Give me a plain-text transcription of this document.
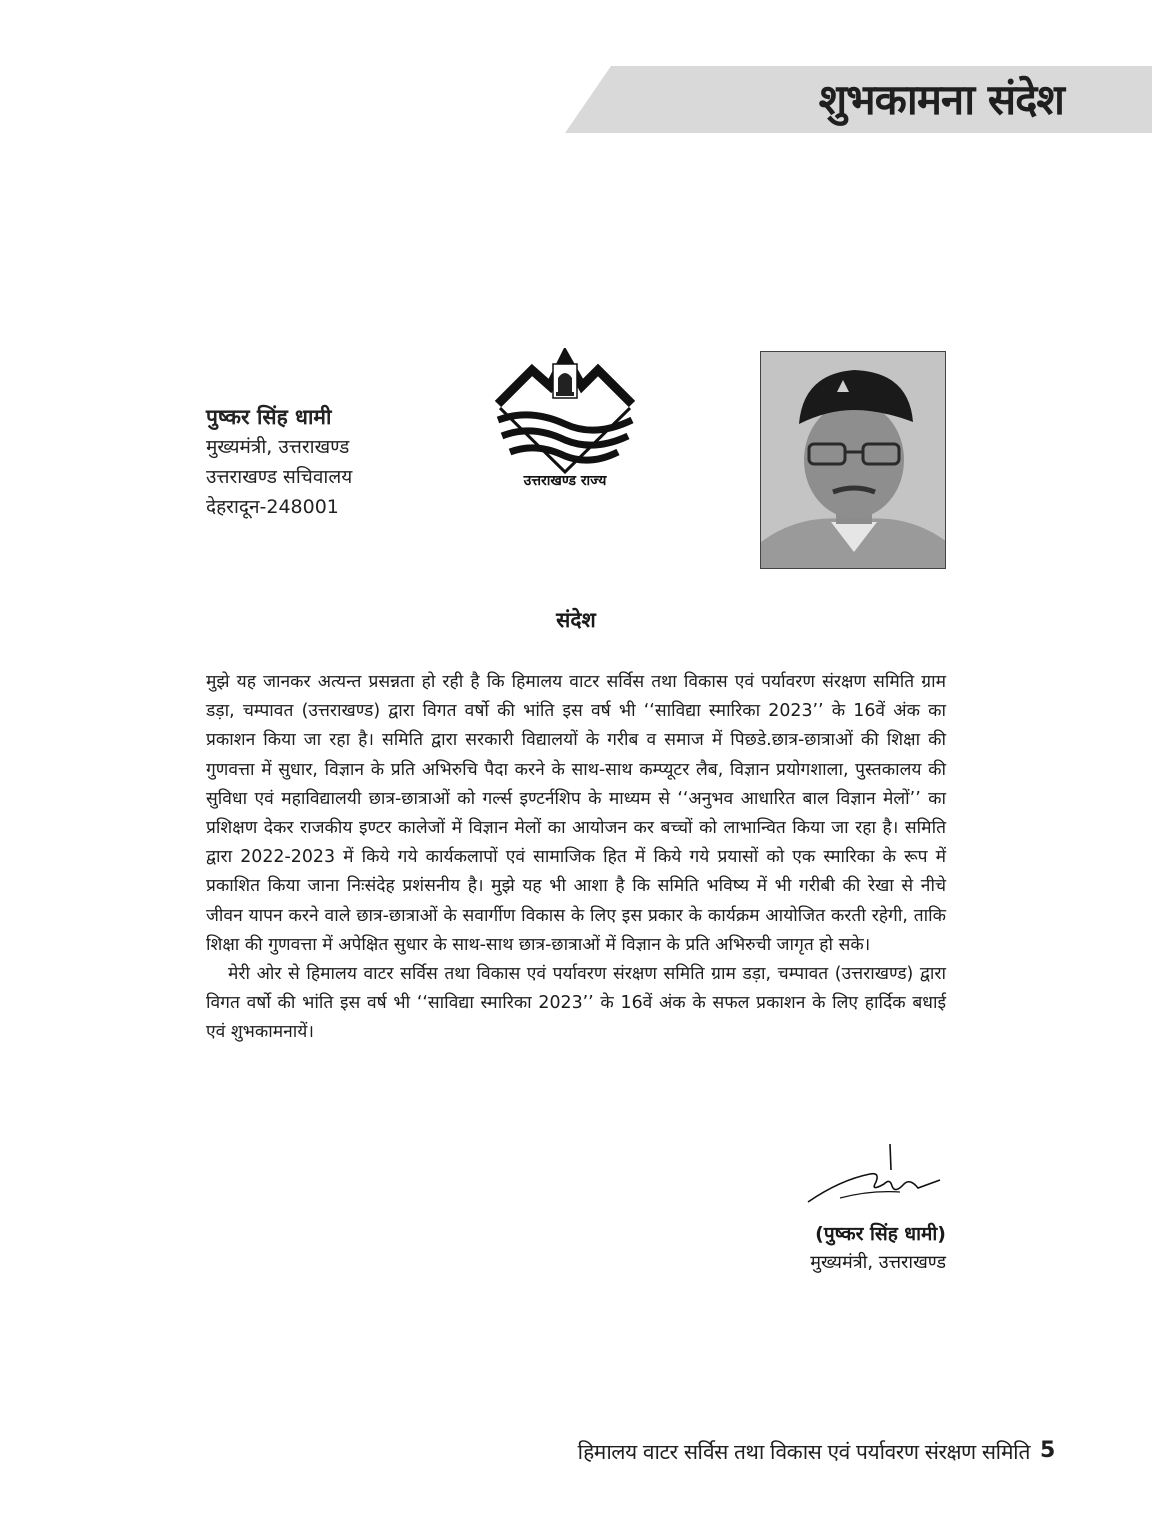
शुभकामना संदेश
पुष्कर सिंह धामी
मुख्यमंत्री, उत्तराखण्ड
उत्तराखण्ड सचिवालय
देहरादून-248001
उत्तराखण्ड राज्य
संदेश

मुझे यह जानकर अत्यन्त प्रसन्नता हो रही है कि हिमालय वाटर सर्विस तथा विकास एवं पर्यावरण संरक्षण समिति ग्राम डड़ा, चम्पावत (उत्तराखण्ड) द्वारा विगत वर्षो की भांति इस वर्ष भी ‘‘साविद्या स्मारिका 2023’’ के 16वें अंक का प्रकाशन किया जा रहा है। समिति द्वारा सरकारी विद्यालयों के गरीब व समाज में पिछडे.छात्र-छात्राओं की शिक्षा की गुणवत्ता में सुधार, विज्ञान के प्रति अभिरुचि पैदा करने के साथ-साथ कम्प्यूटर लैब, विज्ञान प्रयोगशाला, पुस्तकालय की सुविधा एवं महाविद्यालयी छात्र-छात्राओं को गर्ल्स इण्टर्नशिप के माध्यम से ‘‘अनुभव आधारित बाल विज्ञान मेलों’’ का प्रशिक्षण देकर राजकीय इण्टर कालेजों में विज्ञान मेलों का आयोजन कर बच्चों को लाभान्वित किया जा रहा है। समिति द्वारा 2022-2023 में किये गये कार्यकलापों एवं सामाजिक हित में किये गये प्रयासों को एक स्मारिका के रूप में प्रकाशित किया जाना निःसंदेह प्रशंसनीय है। मुझे यह भी आशा है कि समिति भविष्य में भी गरीबी की रेखा से नीचे जीवन यापन करने वाले छात्र-छात्राओं के सवार्गीण विकास के लिए इस प्रकार के कार्यक्रम आयोजित करती रहेगी, ताकि शिक्षा की गुणवत्ता में अपेक्षित सुधार के साथ-साथ छात्र-छात्राओं में विज्ञान के प्रति अभिरुची जागृत हो सके।

मेरी ओर से हिमालय वाटर सर्विस तथा विकास एवं पर्यावरण संरक्षण समिति ग्राम डड़ा, चम्पावत (उत्तराखण्ड) द्वारा विगत वर्षो की भांति इस वर्ष भी ‘‘साविद्या स्मारिका 2023’’ के 16वें अंक के सफल प्रकाशन के लिए हार्दिक बधाई एवं शुभकामनायें।

(पुष्कर सिंह धामी)
मुख्यमंत्री, उत्तराखण्ड
हिमालय वाटर सर्विस तथा विकास एवं पर्यावरण संरक्षण समिति 5
